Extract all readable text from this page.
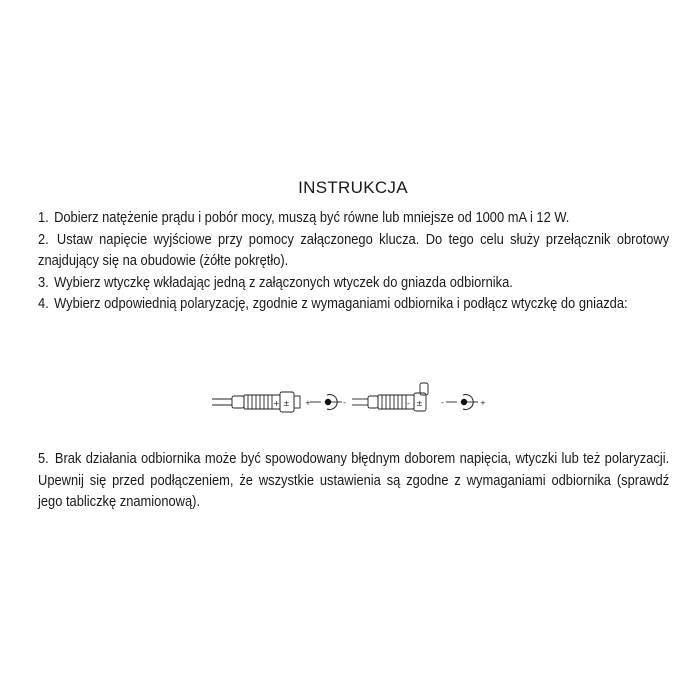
INSTRUKCJA

1. Dobierz natężenie prądu i pobór mocy, muszą być równe lub mniejsze od 1000 mA i 12 W.

2. Ustaw napięcie wyjściowe przy pomocy załączonego klucza. Do tego celu służy przełącznik obrotowy znajdujący się na obudowie (żółte pokrętło).

3. Wybierz wtyczkę wkładając jedną z załączonych wtyczek do gniazda odbiornika.

4. Wybierz odpowiednią polaryzację, zgodnie z wymaganiami odbiornika i podłącz wtyczkę do gniazda:

+ ± +	-	- ± -	+

5. Brak działania odbiornika może być spowodowany błędnym doborem napięcia, wtyczki lub też polaryzacji. Upewnij się przed podłączeniem, że wszystkie ustawienia są zgodne z wymaganiami odbiornika (sprawdź jego tabliczkę znamionową).
